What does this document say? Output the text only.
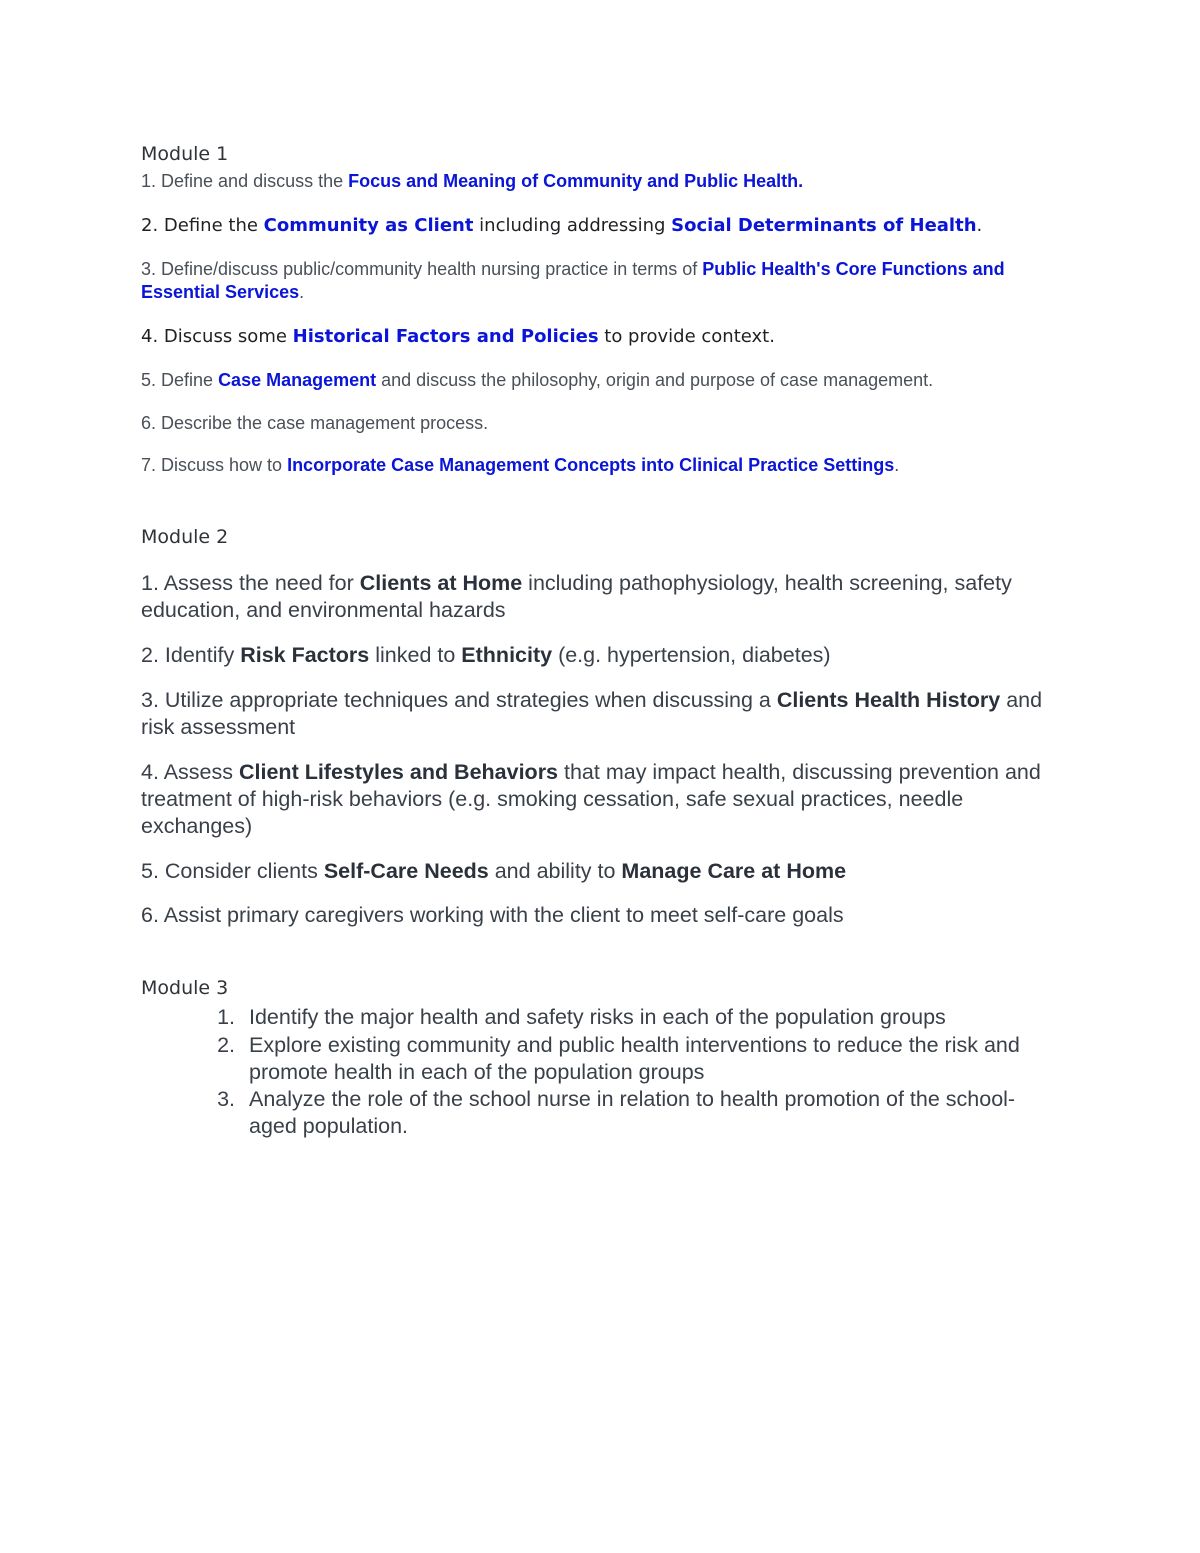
Module 1
1. Define and discuss the Focus and Meaning of Community and Public Health.
2. Define the Community as Client including addressing Social Determinants of Health.
3. Define/discuss public/community health nursing practice in terms of Public Health's Core Functions and Essential Services.
4. Discuss some Historical Factors and Policies to provide context.
5. Define Case Management and discuss the philosophy, origin and purpose of case management.
6. Describe the case management process.
7. Discuss how to Incorporate Case Management Concepts into Clinical Practice Settings.
Module 2
1. Assess the need for Clients at Home including pathophysiology, health screening, safety education, and environmental hazards
2. Identify Risk Factors linked to Ethnicity (e.g. hypertension, diabetes)
3. Utilize appropriate techniques and strategies when discussing a Clients Health History and risk assessment
4. Assess Client Lifestyles and Behaviors that may impact health, discussing prevention and treatment of high-risk behaviors (e.g. smoking cessation, safe sexual practices, needle exchanges)
5. Consider clients Self-Care Needs and ability to Manage Care at Home
6. Assist primary caregivers working with the client to meet self-care goals
Module 3
1. Identify the major health and safety risks in each of the population groups
2. Explore existing community and public health interventions to reduce the risk and promote health in each of the population groups
3. Analyze the role of the school nurse in relation to health promotion of the school-aged population.
